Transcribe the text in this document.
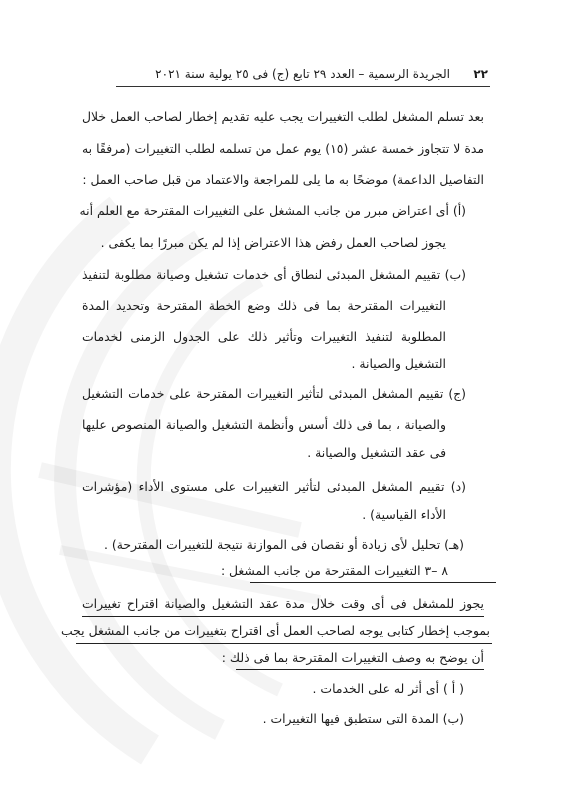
٢٢
الجريدة الرسمية – العدد ٢٩ تابع (ج) فى ٢٥ يولية سنة ٢٠٢١
بعد تسلم المشغل لطلب التغييرات يجب عليه تقديم إخطار لصاحب العمل خلال
مدة لا تتجاوز خمسة عشر (١٥) يوم عمل من تسلمه لطلب التغييرات (مرفقًا به
التفاصيل الداعمة) موضحًا به ما يلى للمراجعة والاعتماد من قبل صاحب العمل :
(أ) أى اعتراض مبرر من جانب المشغل على التغييرات المقترحة مع العلم أنه
يجوز لصاحب العمل رفض هذا الاعتراض إذا لم يكن مبررًا بما يكفى .
(ب) تقييم المشغل المبدئى لنطاق أى خدمات تشغيل وصيانة مطلوبة لتنفيذ
التغييرات المقترحة بما فى ذلك وضع الخطة المقترحة وتحديد المدة
المطلوبة لتنفيذ التغييرات وتأثير ذلك على الجدول الزمنى لخدمات
التشغيل والصيانة .
(ج) تقييم المشغل المبدئى لتأثير التغييرات المقترحة على خدمات التشغيل
والصيانة ، بما فى ذلك أسس وأنظمة التشغيل والصيانة المنصوص عليها
فى عقد التشغيل والصيانة .
(د) تقييم المشغل المبدئى لتأثير التغييرات على مستوى الأداء (مؤشرات
الأداء القياسية) .
(هـ) تحليل لأى زيادة أو نقصان فى الموازنة نتيجة للتغييرات المقترحة) .
٨ –٣ التغييرات المقترحة من جانب المشغل :
يجوز للمشغل فى أى وقت خلال مدة عقد التشغيل والصيانة اقتراح تغييرات
بموجب إخطار كتابى يوجه لصاحب العمل أى اقتراح بتغييرات من جانب المشغل يجب
أن يوضح به وصف التغييرات المقترحة بما فى ذلك :
( أ ) أى أثر له على الخدمات .
(ب) المدة التى ستطبق فيها التغييرات .
